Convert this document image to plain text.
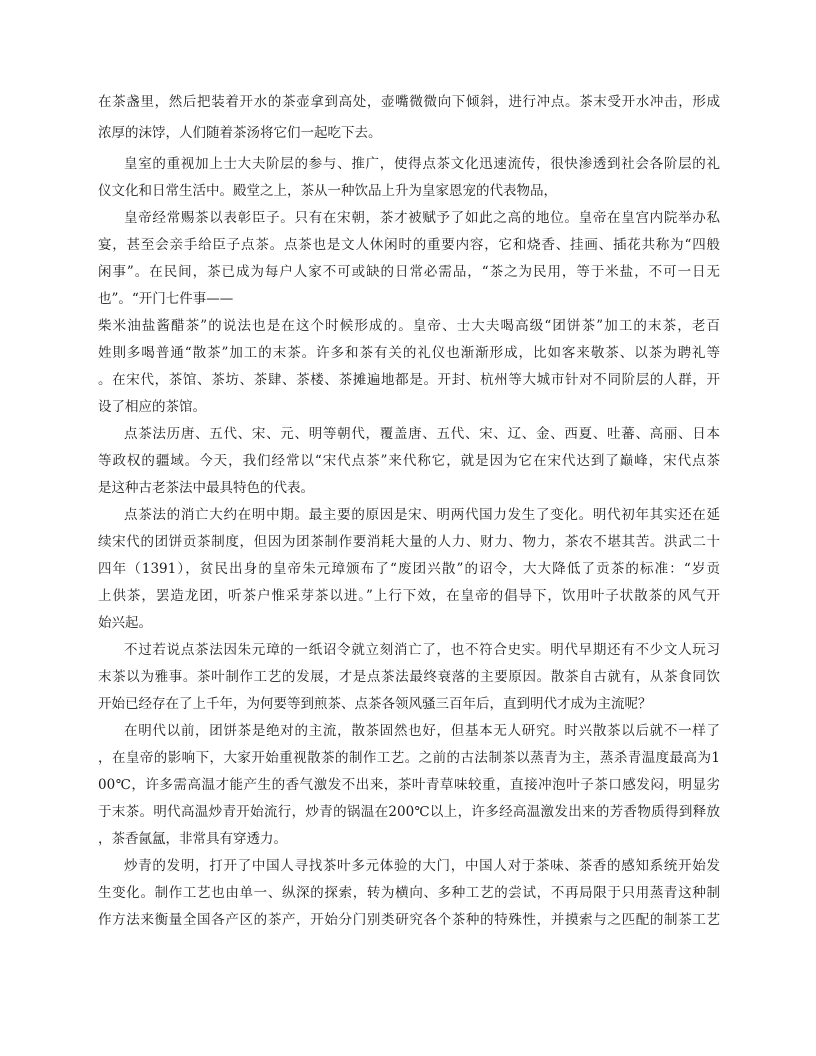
在茶盏里，然后把装着开水的茶壶拿到高处，壶嘴微微向下倾斜，进行冲点。茶末受开水冲击，形成
浓厚的沫饽，人们随着茶汤将它们一起吃下去。
皇室的重视加上士大夫阶层的参与、推广，使得点茶文化迅速流传，很快渗透到社会各阶层的礼
仪文化和日常生活中。殿堂之上，茶从一种饮品上升为皇家恩宠的代表物品，
皇帝经常赐茶以表彰臣子。只有在宋朝，茶才被赋予了如此之高的地位。皇帝在皇宫内院举办私
宴，甚至会亲手给臣子点茶。点茶也是文人休闲时的重要内容，它和烧香、挂画、插花共称为“四般
闲事”。在民间，茶已成为每户人家不可或缺的日常必需品，“茶之为民用，等于米盐，不可一日无
也”。“开门七件事——
柴米油盐酱醋茶”的说法也是在这个时候形成的。皇帝、士大夫喝高级“团饼茶”加工的末茶，老百
姓則多喝普通“散茶”加工的末茶。许多和茶有关的礼仪也渐渐形成，比如客来敬茶、以茶为聘礼等
。在宋代，茶馆、茶坊、茶肆、茶楼、茶摊遍地都是。开封、杭州等大城市针对不同阶层的人群，开
设了相应的茶馆。
点茶法历唐、五代、宋、元、明等朝代，覆盖唐、五代、宋、辽、金、西夏、吐蕃、高丽、日本
等政权的疆域。今天，我们经常以“宋代点茶”来代称它，就是因为它在宋代达到了巅峰，宋代点茶
是这种古老茶法中最具特色的代表。
点茶法的消亡大约在明中期。最主要的原因是宋、明两代国力发生了变化。明代初年其实还在延
续宋代的团饼贡茶制度，但因为团茶制作要消耗大量的人力、财力、物力，茶农不堪其苦。洪武二十
四年（1391），贫民出身的皇帝朱元璋颁布了“废团兴散”的诏令，大大降低了贡茶的标准：“岁贡
上供茶，罢造龙团，听茶户惟采芽茶以进。”上行下效，在皇帝的倡导下，饮用叶子状散茶的风气开
始兴起。
不过若说点茶法因朱元璋的一纸诏令就立刻消亡了，也不符合史实。明代早期还有不少文人玩习
末茶以为雅事。茶叶制作工艺的发展，才是点茶法最终衰落的主要原因。散茶自古就有，从茶食同饮
开始已经存在了上千年，为何要等到煎茶、点茶各领风骚三百年后，直到明代才成为主流呢？
在明代以前，团饼茶是绝对的主流，散茶固然也好，但基本无人研究。时兴散茶以后就不一样了
，在皇帝的影响下，大家开始重视散茶的制作工艺。之前的古法制茶以蒸青为主，蒸杀青温度最高为1
00℃，许多需高温才能产生的香气激发不出来，茶叶青草味较重，直接冲泡叶子茶口感发闷，明显劣
于末茶。明代高温炒青开始流行，炒青的锅温在200℃以上，许多经高温激发出来的芳香物质得到释放
，茶香氤氲，非常具有穿透力。
炒青的发明，打开了中国人寻找茶叶多元体验的大门，中国人对于茶味、茶香的感知系统开始发
生变化。制作工艺也由单一、纵深的探索，转为横向、多种工艺的尝试，不再局限于只用蒸青这种制
作方法来衡量全国各产区的茶产，开始分门别类研究各个茶种的特殊性，并摸索与之匹配的制茶工艺
